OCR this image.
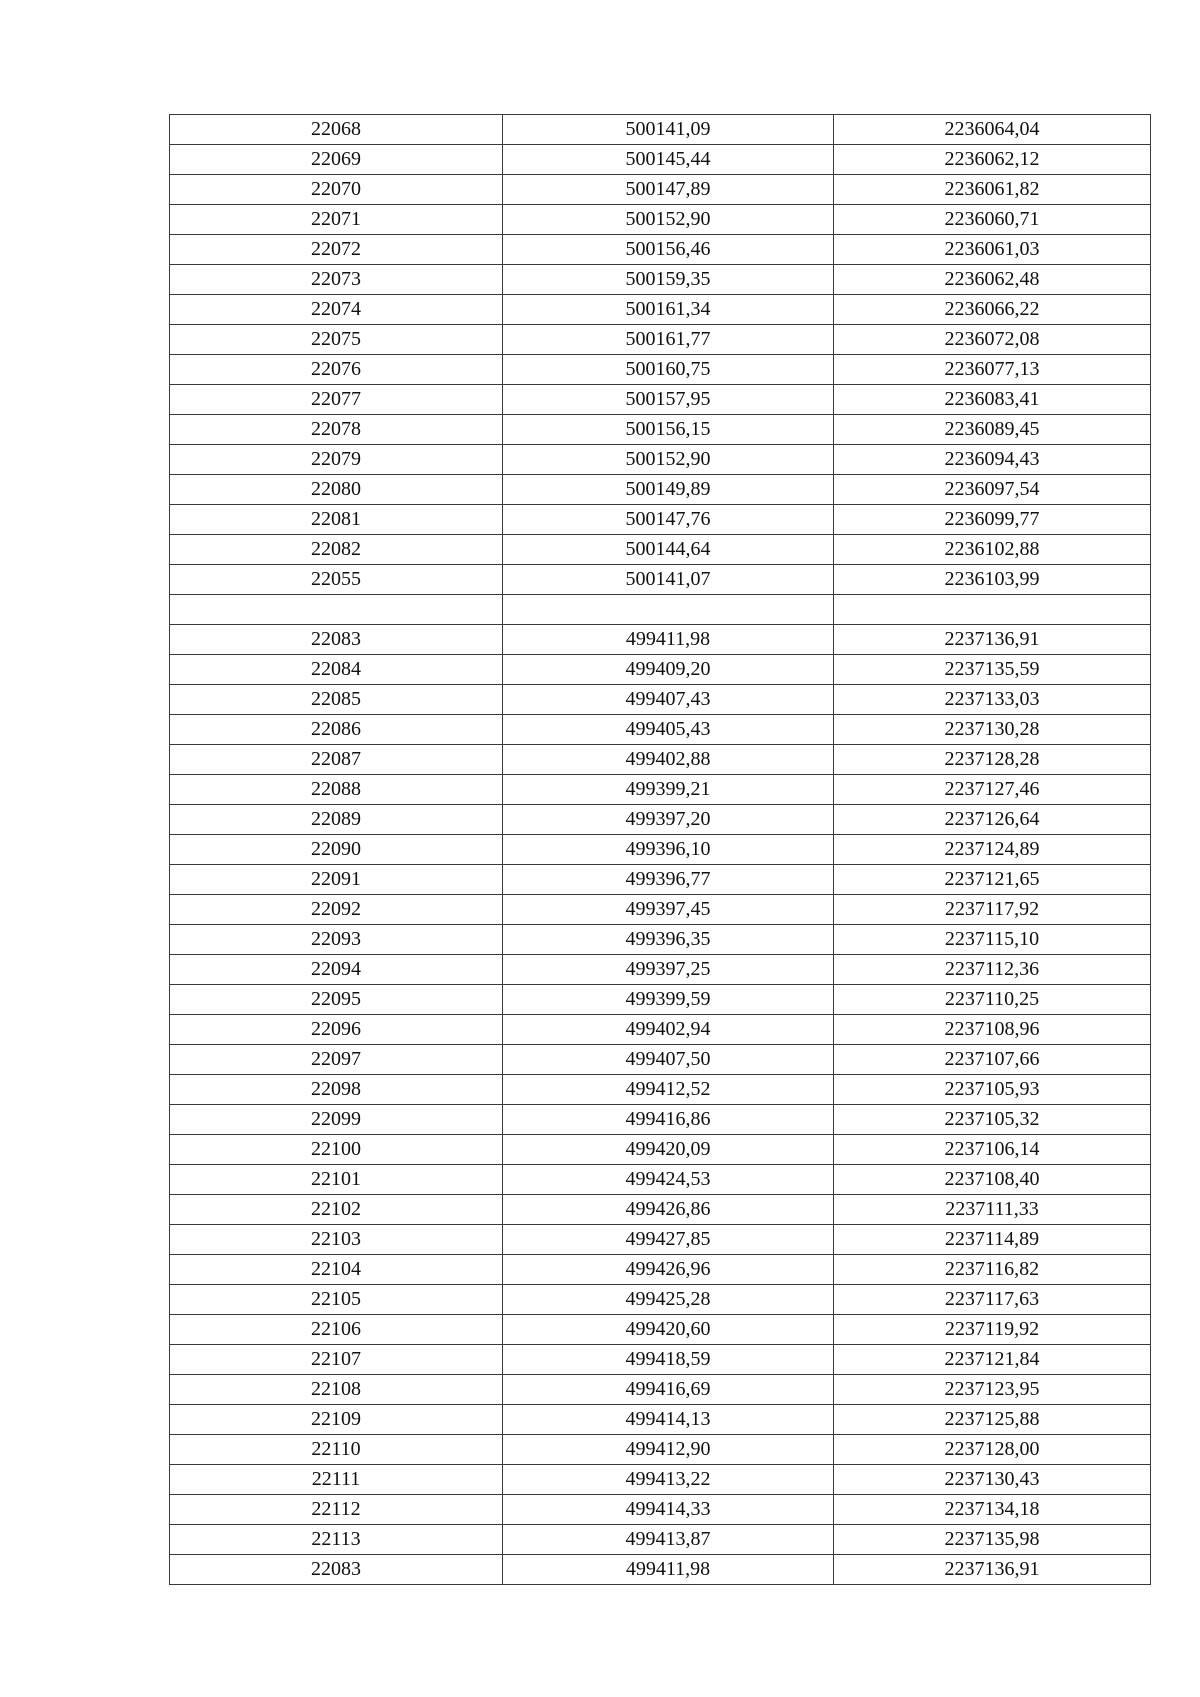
22068	500141,09	2236064,04
22069	500145,44	2236062,12
22070	500147,89	2236061,82
22071	500152,90	2236060,71
22072	500156,46	2236061,03
22073	500159,35	2236062,48
22074	500161,34	2236066,22
22075	500161,77	2236072,08
22076	500160,75	2236077,13
22077	500157,95	2236083,41
22078	500156,15	2236089,45
22079	500152,90	2236094,43
22080	500149,89	2236097,54
22081	500147,76	2236099,77
22082	500144,64	2236102,88
22055	500141,07	2236103,99

22083	499411,98	2237136,91
22084	499409,20	2237135,59
22085	499407,43	2237133,03
22086	499405,43	2237130,28
22087	499402,88	2237128,28
22088	499399,21	2237127,46
22089	499397,20	2237126,64
22090	499396,10	2237124,89
22091	499396,77	2237121,65
22092	499397,45	2237117,92
22093	499396,35	2237115,10
22094	499397,25	2237112,36
22095	499399,59	2237110,25
22096	499402,94	2237108,96
22097	499407,50	2237107,66
22098	499412,52	2237105,93
22099	499416,86	2237105,32
22100	499420,09	2237106,14
22101	499424,53	2237108,40
22102	499426,86	2237111,33
22103	499427,85	2237114,89
22104	499426,96	2237116,82
22105	499425,28	2237117,63
22106	499420,60	2237119,92
22107	499418,59	2237121,84
22108	499416,69	2237123,95
22109	499414,13	2237125,88
22110	499412,90	2237128,00
22111	499413,22	2237130,43
22112	499414,33	2237134,18
22113	499413,87	2237135,98
22083	499411,98	2237136,91
